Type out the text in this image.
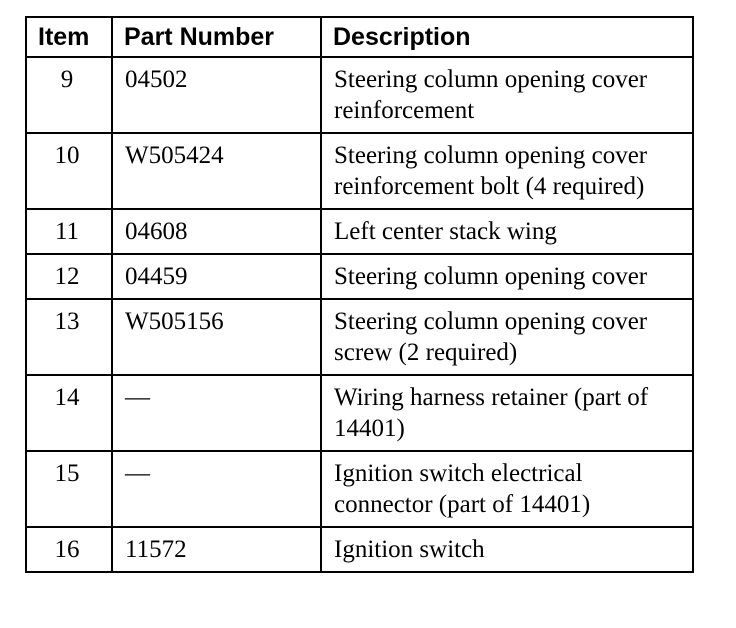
Item	Part Number	Description
9	04502	Steering column opening cover reinforcement
10	W505424	Steering column opening cover reinforcement bolt (4 required)
11	04608	Left center stack wing
12	04459	Steering column opening cover
13	W505156	Steering column opening cover screw (2 required)
14	—	Wiring harness retainer (part of 14401)
15	—	Ignition switch electrical connector (part of 14401)
16	11572	Ignition switch
